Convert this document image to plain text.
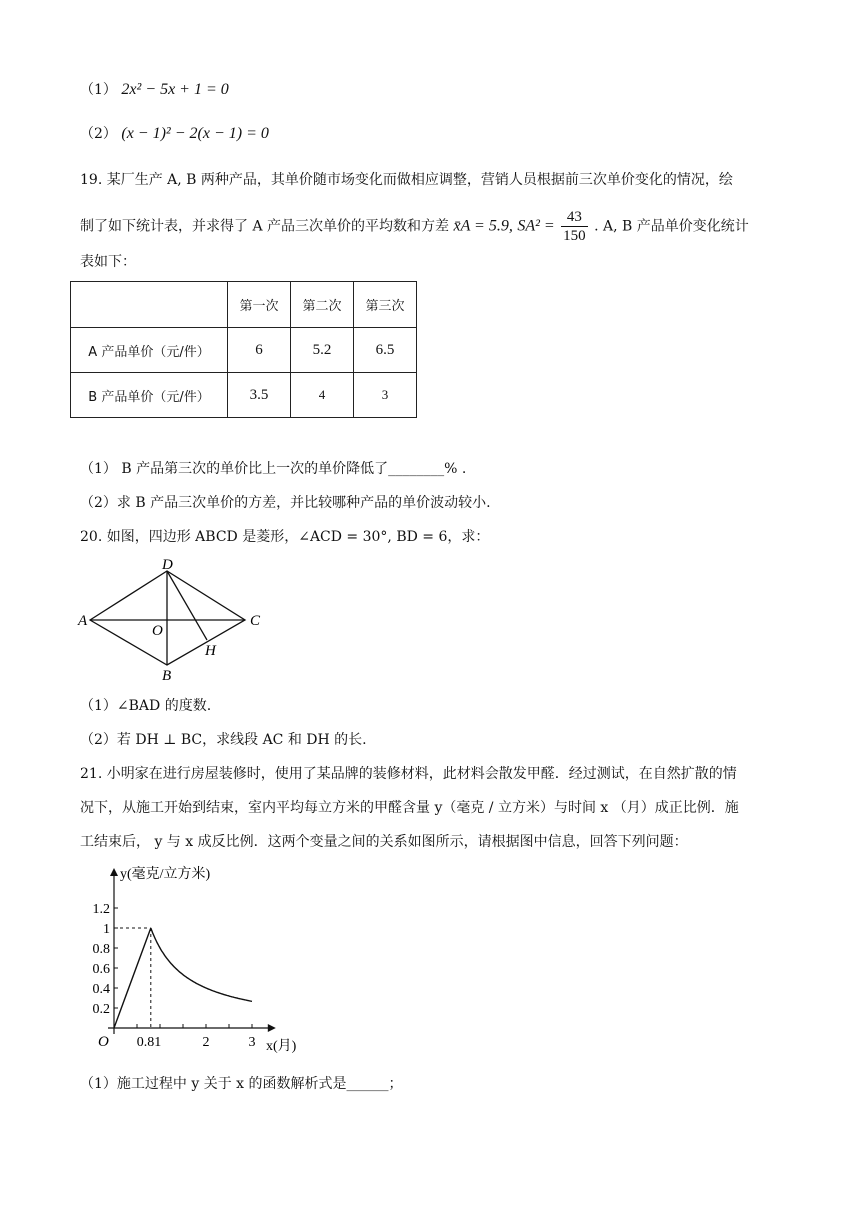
（1） 2x² − 5x + 1 = 0
（2） (x − 1)² − 2(x − 1) = 0
19. 某厂生产 A, B 两种产品，其单价随市场变化而做相应调整，营销人员根据前三次单价变化的情况，绘
制了如下统计表，并求得了 A 产品三次单价的平均数和方差 x̄A = 5.9, $SA^2 = \frac{43}{150}$ . A, B 产品单价变化统计
表如下：
	第一次	第二次	第三次
A 产品单价（元/件）	6	5.2	6.5
B 产品单价（元/件）	3.5	4	3
（1） B 产品第三次的单价比上一次的单价降低了________% .
（2）求 B 产品三次单价的方差，并比较哪种产品的单价波动较小.
20. 如图，四边形 ABCD 是菱形，∠ACD = 30°, BD = 6，求：
A
D
C
B
O
H
（1）∠BAD 的度数.
（2）若 DH ⊥ BC，求线段 AC 和 DH 的长.
21. 小明家在进行房屋装修时，使用了某品牌的装修材料，此材料会散发甲醛．经过测试，在自然扩散的情
况下，从施工开始到结束，室内平均每立方米的甲醛含量 y（毫克 / 立方米）与时间 x （月）成正比例．施
工结束后， y 与 x 成反比例．这两个变量之间的关系如图所示，请根据图中信息，回答下列问题：
y(毫克/立方米)
x(月)
O
0.2
0.4
0.6
0.8
1
1.2
0.81	2	3
（1）施工过程中 y 关于 x 的函数解析式是______；
